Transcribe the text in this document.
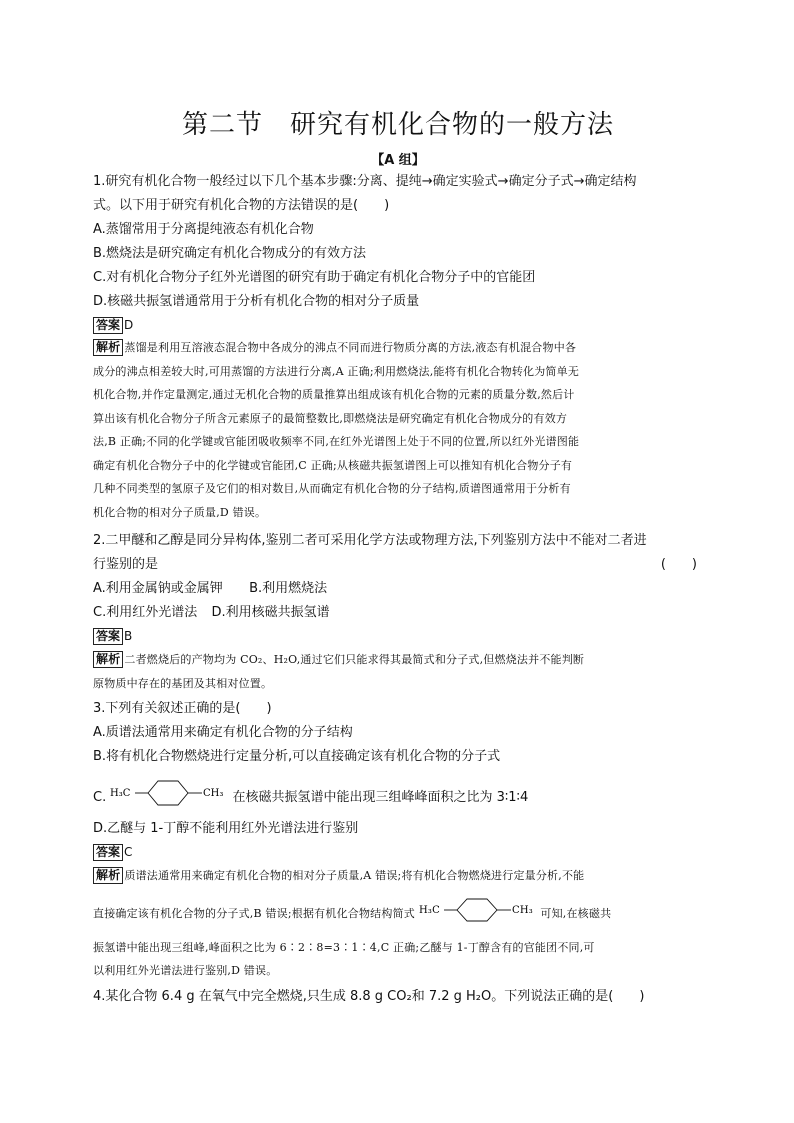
第二节　研究有机化合物的一般方法
【A 组】
1.研究有机化合物一般经过以下几个基本步骤:分离、提纯→确定实验式→确定分子式→确定结构
式。以下用于研究有机化合物的方法错误的是(　　)
A.蒸馏常用于分离提纯液态有机化合物
B.燃烧法是研究确定有机化合物成分的有效方法
C.对有机化合物分子红外光谱图的研究有助于确定有机化合物分子中的官能团
D.核磁共振氢谱通常用于分析有机化合物的相对分子质量
答案 D
解析 蒸馏是利用互溶液态混合物中各成分的沸点不同而进行物质分离的方法,液态有机混合物中各
成分的沸点相差较大时,可用蒸馏的方法进行分离,A 正确;利用燃烧法,能将有机化合物转化为简单无
机化合物,并作定量测定,通过无机化合物的质量推算出组成该有机化合物的元素的质量分数,然后计
算出该有机化合物分子所含元素原子的最简整数比,即燃烧法是研究确定有机化合物成分的有效方
法,B 正确;不同的化学键或官能团吸收频率不同,在红外光谱图上处于不同的位置,所以红外光谱图能
确定有机化合物分子中的化学键或官能团,C 正确;从核磁共振氢谱图上可以推知有机化合物分子有
几种不同类型的氢原子及它们的相对数目,从而确定有机化合物的分子结构,质谱图通常用于分析有
机化合物的相对分子质量,D 错误。
2.二甲醚和乙醇是同分异构体,鉴别二者可采用化学方法或物理方法,下列鉴别方法中不能对二者进
行鉴别的是	(　　)
A.利用金属钠或金属钾 B.利用燃烧法
C.利用红外光谱法 D.利用核磁共振氢谱
答案 B
解析 二者燃烧后的产物均为 CO₂、H₂O,通过它们只能求得其最简式和分子式,但燃烧法并不能判断
原物质中存在的基团及其相对位置。
3.下列有关叙述正确的是(　　)
A.质谱法通常用来确定有机化合物的分子结构
B.将有机化合物燃烧进行定量分析,可以直接确定该有机化合物的分子式
C. H₃C	CH₃ 在核磁共振氢谱中能出现三组峰峰面积之比为 3∶1∶4
D.乙醚与 1-丁醇不能利用红外光谱法进行鉴别
答案 C
解析 质谱法通常用来确定有机化合物的相对分子质量,A 错误;将有机化合物燃烧进行定量分析,不能
直接确定该有机化合物的分子式,B 错误;根据有机化合物结构简式 H₃C	CH₃ 可知,在核磁共
振氢谱中能出现三组峰,峰面积之比为 6∶2∶8=3∶1∶4,C 正确;乙醚与 1-丁醇含有的官能团不同,可
以利用红外光谱法进行鉴别,D 错误。
4.某化合物 6.4 g 在氧气中完全燃烧,只生成 8.8 g CO₂和 7.2 g H₂O。下列说法正确的是(　　)
